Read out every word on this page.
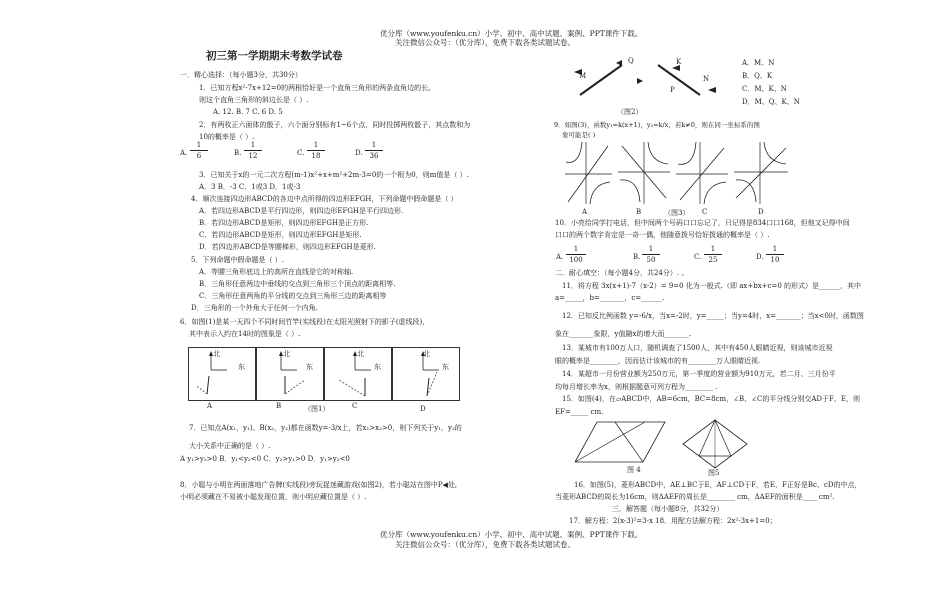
优分库（www.youfenku.cn）小学、初中、高中试题、案例、PPT课件下载。
关注微信公众号：（优分库），免费下载各类试题试卷。
初三第一学期期末考数学试卷
一．精心选择：（每小题3分，共30分）
1．已知方程x²-7x+12=0的两根恰好是一个直角三角形的两条直角边的长,
则这个直角三角形的斜边长是（ ）.
A. 12. B. 7 C. 6 D. 5
2．有两枚正六面体的骰子，六个面分别标有1~6个点，同时投掷两枚骰子，其点数和为
10的概率是（ ）.
A.
1
6	B.
1
12	C.
1
18	D.
1
36
3．已知关于x的一元二次方程(m-1)x²+x+m²+2m-3=0的一个根为0，则m值是（ ）.
A．3 B．-3 C．1或3 D．1或-3
4．顺次连接四边形ABCD的各边中点所得的四边形EFGH，下列命题中假命题是（ ）
A．若四边形ABCD是平行四边形，则四边形EFGH是平行四边形.
B．若四边形ABCD是矩形，则四边形EFGH是正方形.
C．若四边形ABCD是矩形，则四边形EFGH是矩形.
D．若四边形ABCD是等腰梯形，则四边形EFGH是菱形.
5．下列命题中假命题是（ ）.
A．等腰三角形底边上的高所在直线是它的对称轴.
B．三角形任意两边中垂线的交点到三角形三个顶点的距离相等.
C．三角形任意两角的平分线的交点到三角形三边的距离相等
D．三角形的一个外角大于任何一个内角.
6．如图(1)是某一天四个不同时间竹竿(实线段)在太阳光照射下的影子(虚线段)，
其中表示入约在14时的图象是（ ）.
北
东
北
东
北
东
北
东
A	B	（图1）	C	D
7．已知点A(x₁，y₁)、B(x₂，y₂)都在函数y=-3/x上，若x₁>x₂>0，则下列关于y₁，y₂的
大小关系中正确的是（ ）.
A y₁>y₂>0 B．y₁<y₂<0 C．y₂>y₁>0 D．y₁>y₂<0
8．小聪与小明在两面落地广告牌(实线段)旁玩捉迷藏游戏(如图2)，若小聪站在图中P◀处,
小明必须藏在不易被小聪发现位置，则小明应藏位置是（ ）.
M
Q	K
P
N
（图2）
A．M、N
B．Q、K
C．M、K、N
D．M、Q、K、N
9．如图(3)，函数y₁=k(x+1)，y₂=k/x，若k≠0，则在同一坐标系的图
象可能是( )
A	B	（图3） C	D
10．小亮给同学打电话，但中间两个号码口口忘记了，只记得是834口口168，但他又记得中间
口口的两个数字肯定是一奇一偶，他随意拨号恰好拨通的概率是（ ）.
A.
1
100	B.
1
50	C.
1
25	D.
1
10
二．耐心填空：（每小题4分，共24分）. 。
11．将方程 3x(x+1)-7（x-2）= 9=0 化为一般式.（即 ax+bx+c=0 的形式）是______，其中
a=_____，b=_______，c=______.
12．已知反比例函数 y=-6/x，当x=-2时，y=_____；当y=4时，x=_______；当x<0时，函数图
象在_______象限，y值随x的增大而_______.
13．某城市有100万人口，随机调查了1500人，其中有450人眼睛近视，则该城市近视
眼的概率是________，因而估计该城市的有________万人眼睛近视.
14．某超市一月份营业额为250万元，第一季度的营业额为910万元，若二月、三月份平
均每月增长率为x，则根据题意可列方程为________ .
15．如图(4)，在▱ABCD中，AB=6cm，BC=8cm，∠B、∠C的平分线分别交AD于F、E，则
EF=_____ cm.
图 4	图5
16．如图(5)，菱形ABCD中，AE⊥BC于E，AF⊥CD于F，若E、F正好是Bc、cD的中点，
当菱形ABCD的周长为16cm，则ΔAEF的周长是________ cm，ΔAEF的面积是____ cm².
三．解答题（每小题8分，共32分）
17．解方程：2(x-3)²=3-x 18．用配方法解方程：2x²-3x+1=0；
优分库（www.youfenku.cn）小学、初中、高中试题、案例、PPT课件下载。
关注微信公众号：（优分库），免费下载各类试题试卷。
